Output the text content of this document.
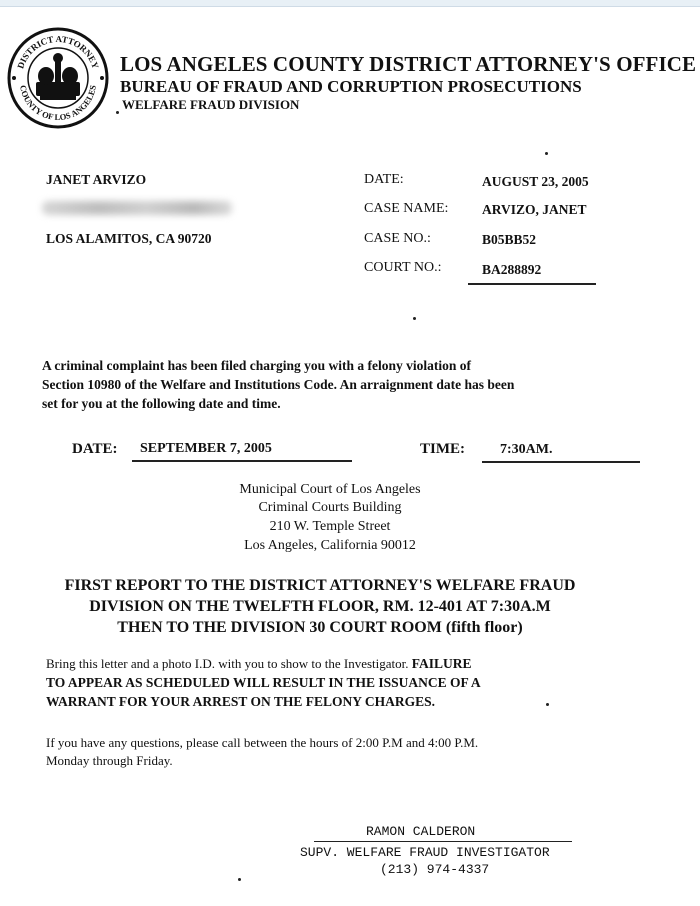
DISTRICT ATTORNEY
COUNTY OF LOS ANGELES
LOS ANGELES COUNTY DISTRICT ATTORNEY'S OFFICE
BUREAU OF FRAUD AND CORRUPTION PROSECUTIONS
WELFARE FRAUD DIVISION
JANET ARVIZO
LOS ALAMITOS, CA 90720
DATE:	AUGUST 23, 2005
CASE NAME: ARVIZO, JANET
CASE NO.:	B05BB52
COURT NO.:	BA288892
A criminal complaint has been filed charging you with a felony violation of
Section 10980 of the Welfare and Institutions Code. An arraignment date has been
set for you at the following date and time.
DATE: SEPTEMBER 7, 2005	TIME:	7:30AM.
Municipal Court of Los Angeles
Criminal Courts Building
210 W. Temple Street
Los Angeles, California 90012
FIRST REPORT TO THE DISTRICT ATTORNEY'S WELFARE FRAUD
DIVISION ON THE TWELFTH FLOOR, RM. 12-401 AT 7:30A.M
THEN TO THE DIVISION 30 COURT ROOM (fifth floor)
Bring this letter and a photo I.D. with you to show to the Investigator. FAILURE
TO APPEAR AS SCHEDULED WILL RESULT IN THE ISSUANCE OF A
WARRANT FOR YOUR ARREST ON THE FELONY CHARGES.
If you have any questions, please call between the hours of 2:00 P.M and 4:00 P.M.
Monday through Friday.
RAMON CALDERON
SUPV. WELFARE FRAUD INVESTIGATOR
(213) 974-4337
